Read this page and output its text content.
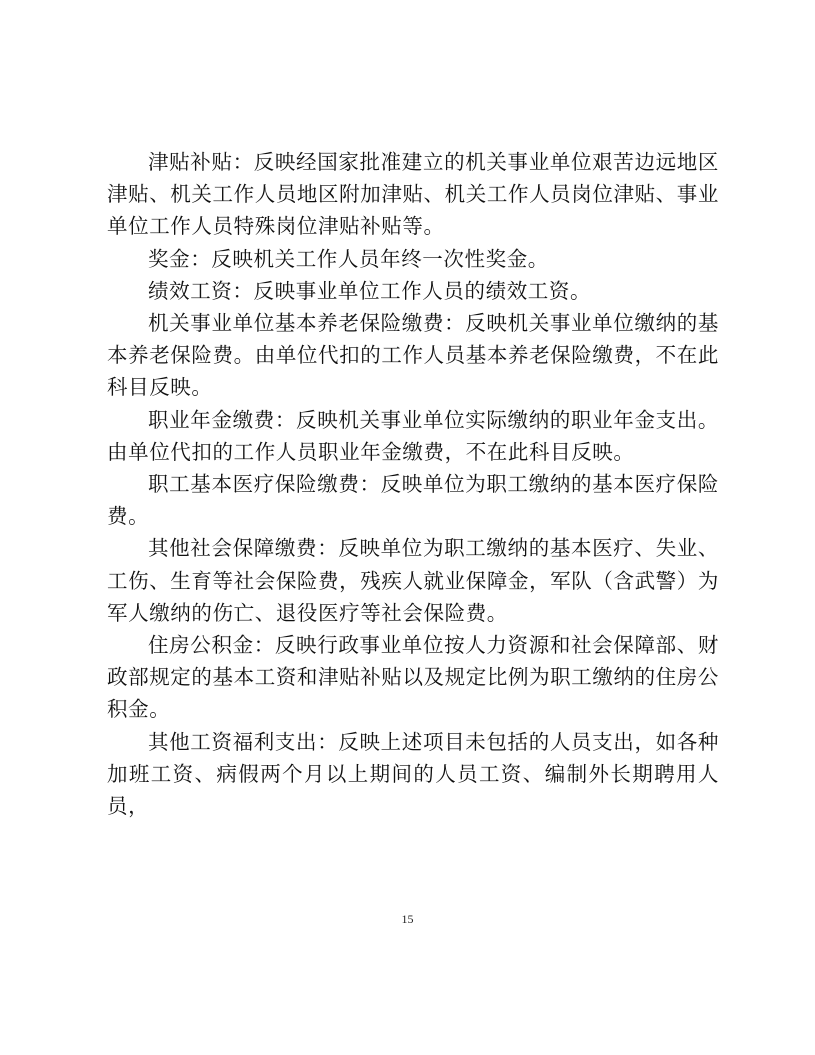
津贴补贴：反映经国家批准建立的机关事业单位艰苦边远地区津贴、机关工作人员地区附加津贴、机关工作人员岗位津贴、事业单位工作人员特殊岗位津贴补贴等。

奖金：反映机关工作人员年终一次性奖金。

绩效工资：反映事业单位工作人员的绩效工资。

机关事业单位基本养老保险缴费：反映机关事业单位缴纳的基本养老保险费。由单位代扣的工作人员基本养老保险缴费，不在此科目反映。

职业年金缴费：反映机关事业单位实际缴纳的职业年金支出。由单位代扣的工作人员职业年金缴费，不在此科目反映。

职工基本医疗保险缴费：反映单位为职工缴纳的基本医疗保险费。

其他社会保障缴费：反映单位为职工缴纳的基本医疗、失业、工伤、生育等社会保险费，残疾人就业保障金，军队（含武警）为军人缴纳的伤亡、退役医疗等社会保险费。

住房公积金：反映行政事业单位按人力资源和社会保障部、财政部规定的基本工资和津贴补贴以及规定比例为职工缴纳的住房公积金。

其他工资福利支出：反映上述项目未包括的人员支出，如各种加班工资、病假两个月以上期间的人员工资、编制外长期聘用人员，

15
